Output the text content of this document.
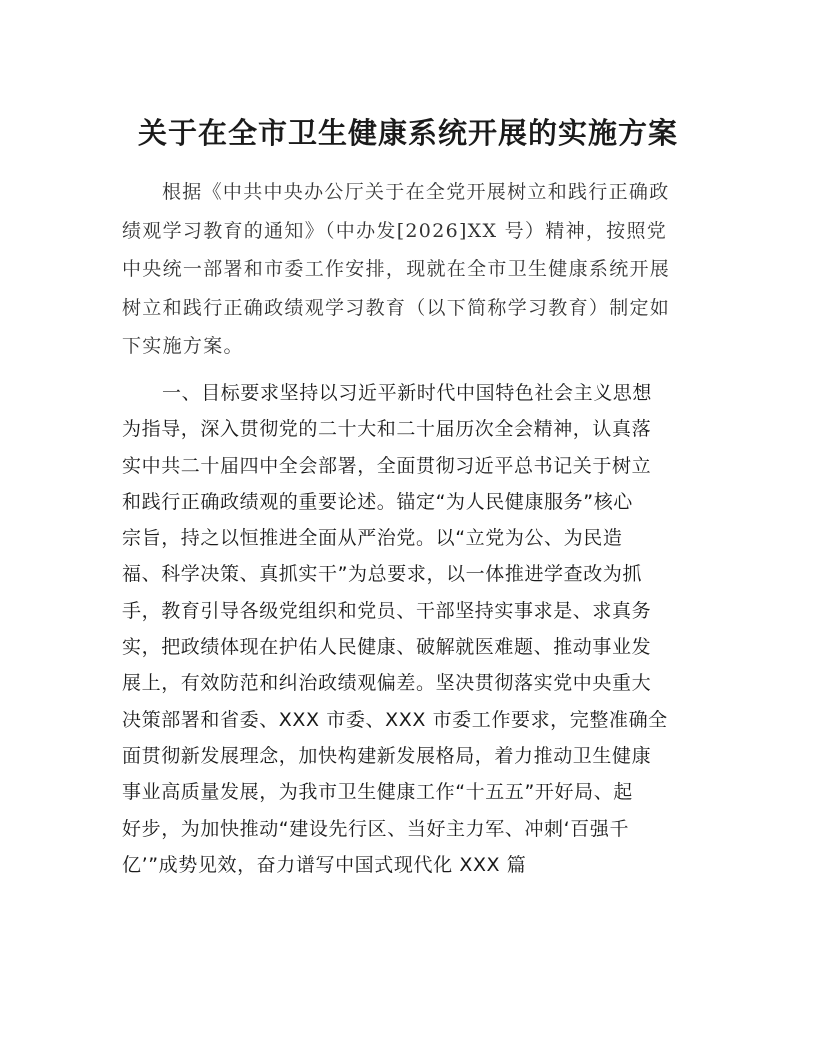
关于在全市卫生健康系统开展的实施方案

根据《中共中央办公厅关于在全党开展树立和践行正确政
绩观学习教育的通知》（中办发[2026]XX 号）精神，按照党
中央统一部署和市委工作安排，现就在全市卫生健康系统开展
树立和践行正确政绩观学习教育（以下简称学习教育）制定如
下实施方案。

一、目标要求坚持以习近平新时代中国特色社会主义思想
为指导，深入贯彻党的二十大和二十届历次全会精神，认真落
实中共二十届四中全会部署，全面贯彻习近平总书记关于树立
和践行正确政绩观的重要论述。锚定“为人民健康服务”核心
宗旨，持之以恒推进全面从严治党。以“立党为公、为民造
福、科学决策、真抓实干”为总要求，以一体推进学查改为抓
手，教育引导各级党组织和党员、干部坚持实事求是、求真务
实，把政绩体现在护佑人民健康、破解就医难题、推动事业发
展上，有效防范和纠治政绩观偏差。坚决贯彻落实党中央重大
决策部署和省委、XXX 市委、XXX 市委工作要求，完整准确全
面贯彻新发展理念，加快构建新发展格局，着力推动卫生健康
事业高质量发展，为我市卫生健康工作“十五五”开好局、起
好步，为加快推动“建设先行区、当好主力军、冲刺‘百强千
亿’”成势见效，奋力谱写中国式现代化 XXX 篇
